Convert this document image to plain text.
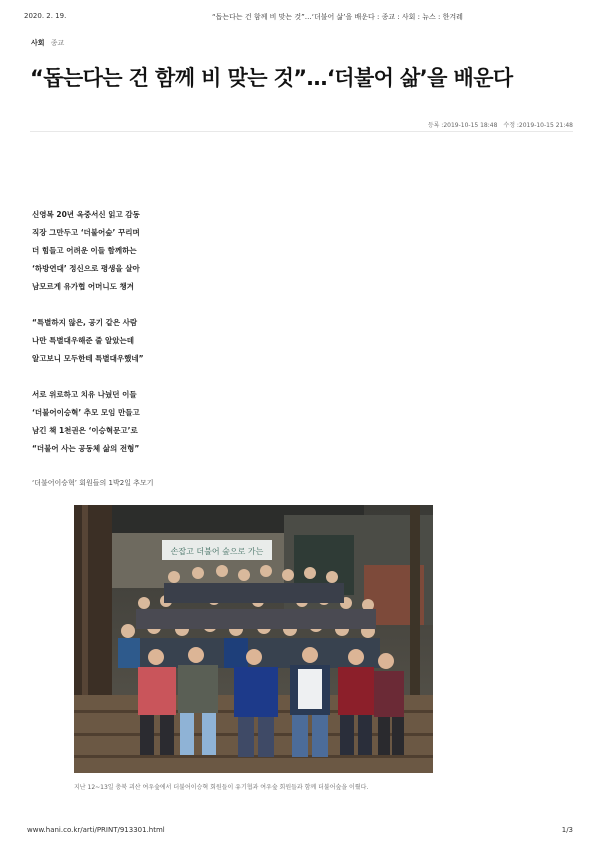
2020. 2. 19.	“돕는다는 건 함께 비 맞는 것”…‘더불어 삶’을 배운다 : 종교 : 사회 : 뉴스 : 한겨레
사회 종교
“돕는다는 건 함께 비 맞는 것”…‘더불어 삶’을 배운다
등록 :2019-10-15 18:48 수정 :2019-10-15 21:48
신영복 20년 옥중서신 읽고 감동
직장 그만두고 ‘더불어숲’ 꾸리며
더 힘들고 어려운 이들 함께하는
‘하방연대’ 정신으로 평생을 살아
남모르게 유가협 어머니도 챙겨
“특별하지 않은, 공기 같은 사람
나만 특별대우해준 줄 알았는데
알고보니 모두한테 특별대우했네”
서로 위로하고 치유 나눴던 이들
‘더불어이승혁’ 추모 모임 만들고
남긴 책 1천권은 ‘이승혁문고’로
“더불어 사는 공동체 삶의 전형”
‘더불어이승혁’ 회원들의 1박2일 추모기
손잡고 더불어 숲으로 가는
지난 12~13일 충북 괴산 여우숲에서 더불어이승혁 회원들이 유기협과 여우숲 회원들과 함께 더불어숲을 이뤘다.
www.hani.co.kr/arti/PRINT/913301.html	1/3
